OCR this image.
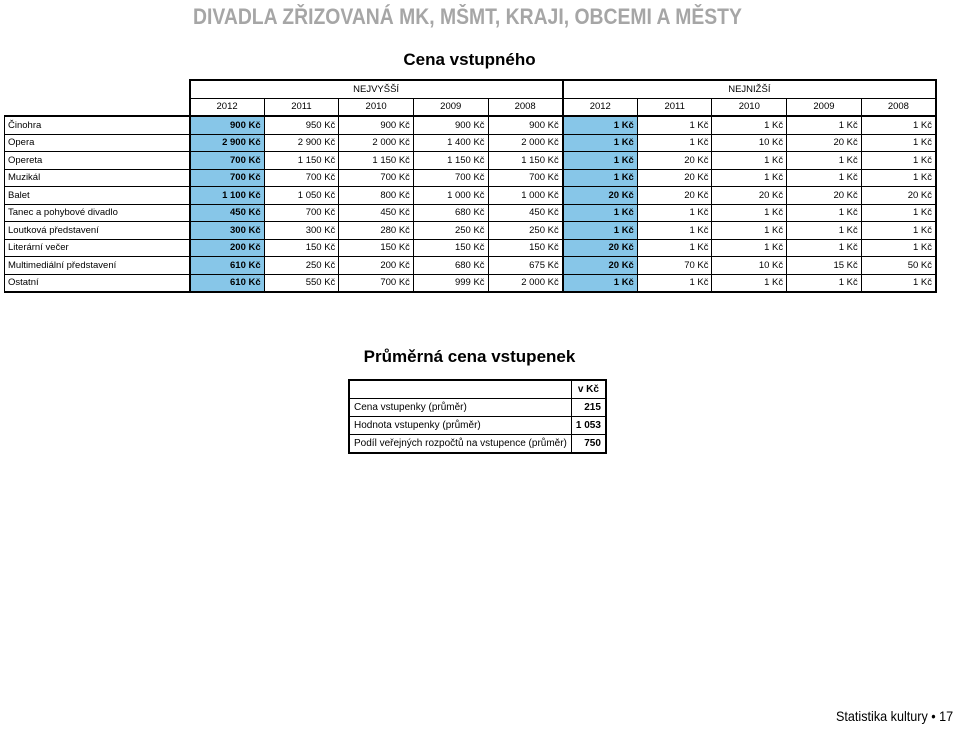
DIVADLA ZŘIZOVANÁ MK, MŠMT, KRAJI, OBCEMI A MĚSTY
Cena vstupného
	NEJVYŠŠÍ					NEJNIŽŠÍ				
	2012	2011	2010	2009	2008	2012	2011	2010	2009	2008
Činohra	900 Kč	950 Kč	900 Kč	900 Kč	900 Kč	1 Kč	1 Kč	1 Kč	1 Kč	1 Kč
Opera	2 900 Kč	2 900 Kč	2 000 Kč	1 400 Kč	2 000 Kč	1 Kč	1 Kč	10 Kč	20 Kč	1 Kč
Opereta	700 Kč	1 150 Kč	1 150 Kč	1 150 Kč	1 150 Kč	1 Kč	20 Kč	1 Kč	1 Kč	1 Kč
Muzikál	700 Kč	700 Kč	700 Kč	700 Kč	700 Kč	1 Kč	20 Kč	1 Kč	1 Kč	1 Kč
Balet	1 100 Kč	1 050 Kč	800 Kč	1 000 Kč	1 000 Kč	20 Kč	20 Kč	20 Kč	20 Kč	20 Kč
Tanec a pohybové divadlo	450 Kč	700 Kč	450 Kč	680 Kč	450 Kč	1 Kč	1 Kč	1 Kč	1 Kč	1 Kč
Loutková představení	300 Kč	300 Kč	280 Kč	250 Kč	250 Kč	1 Kč	1 Kč	1 Kč	1 Kč	1 Kč
Literární večer	200 Kč	150 Kč	150 Kč	150 Kč	150 Kč	20 Kč	1 Kč	1 Kč	1 Kč	1 Kč
Multimediální představení	610 Kč	250 Kč	200 Kč	680 Kč	675 Kč	20 Kč	70 Kč	10 Kč	15 Kč	50 Kč
Ostatní	610 Kč	550 Kč	700 Kč	999 Kč	2 000 Kč	1 Kč	1 Kč	1 Kč	1 Kč	1 Kč
Průměrná cena vstupenek
	v Kč
Cena vstupenky (průměr)	215
Hodnota vstupenky (průměr)	1 053
Podíl veřejných rozpočtů na vstupence (průměr)	750
Statistika kultury • 17
